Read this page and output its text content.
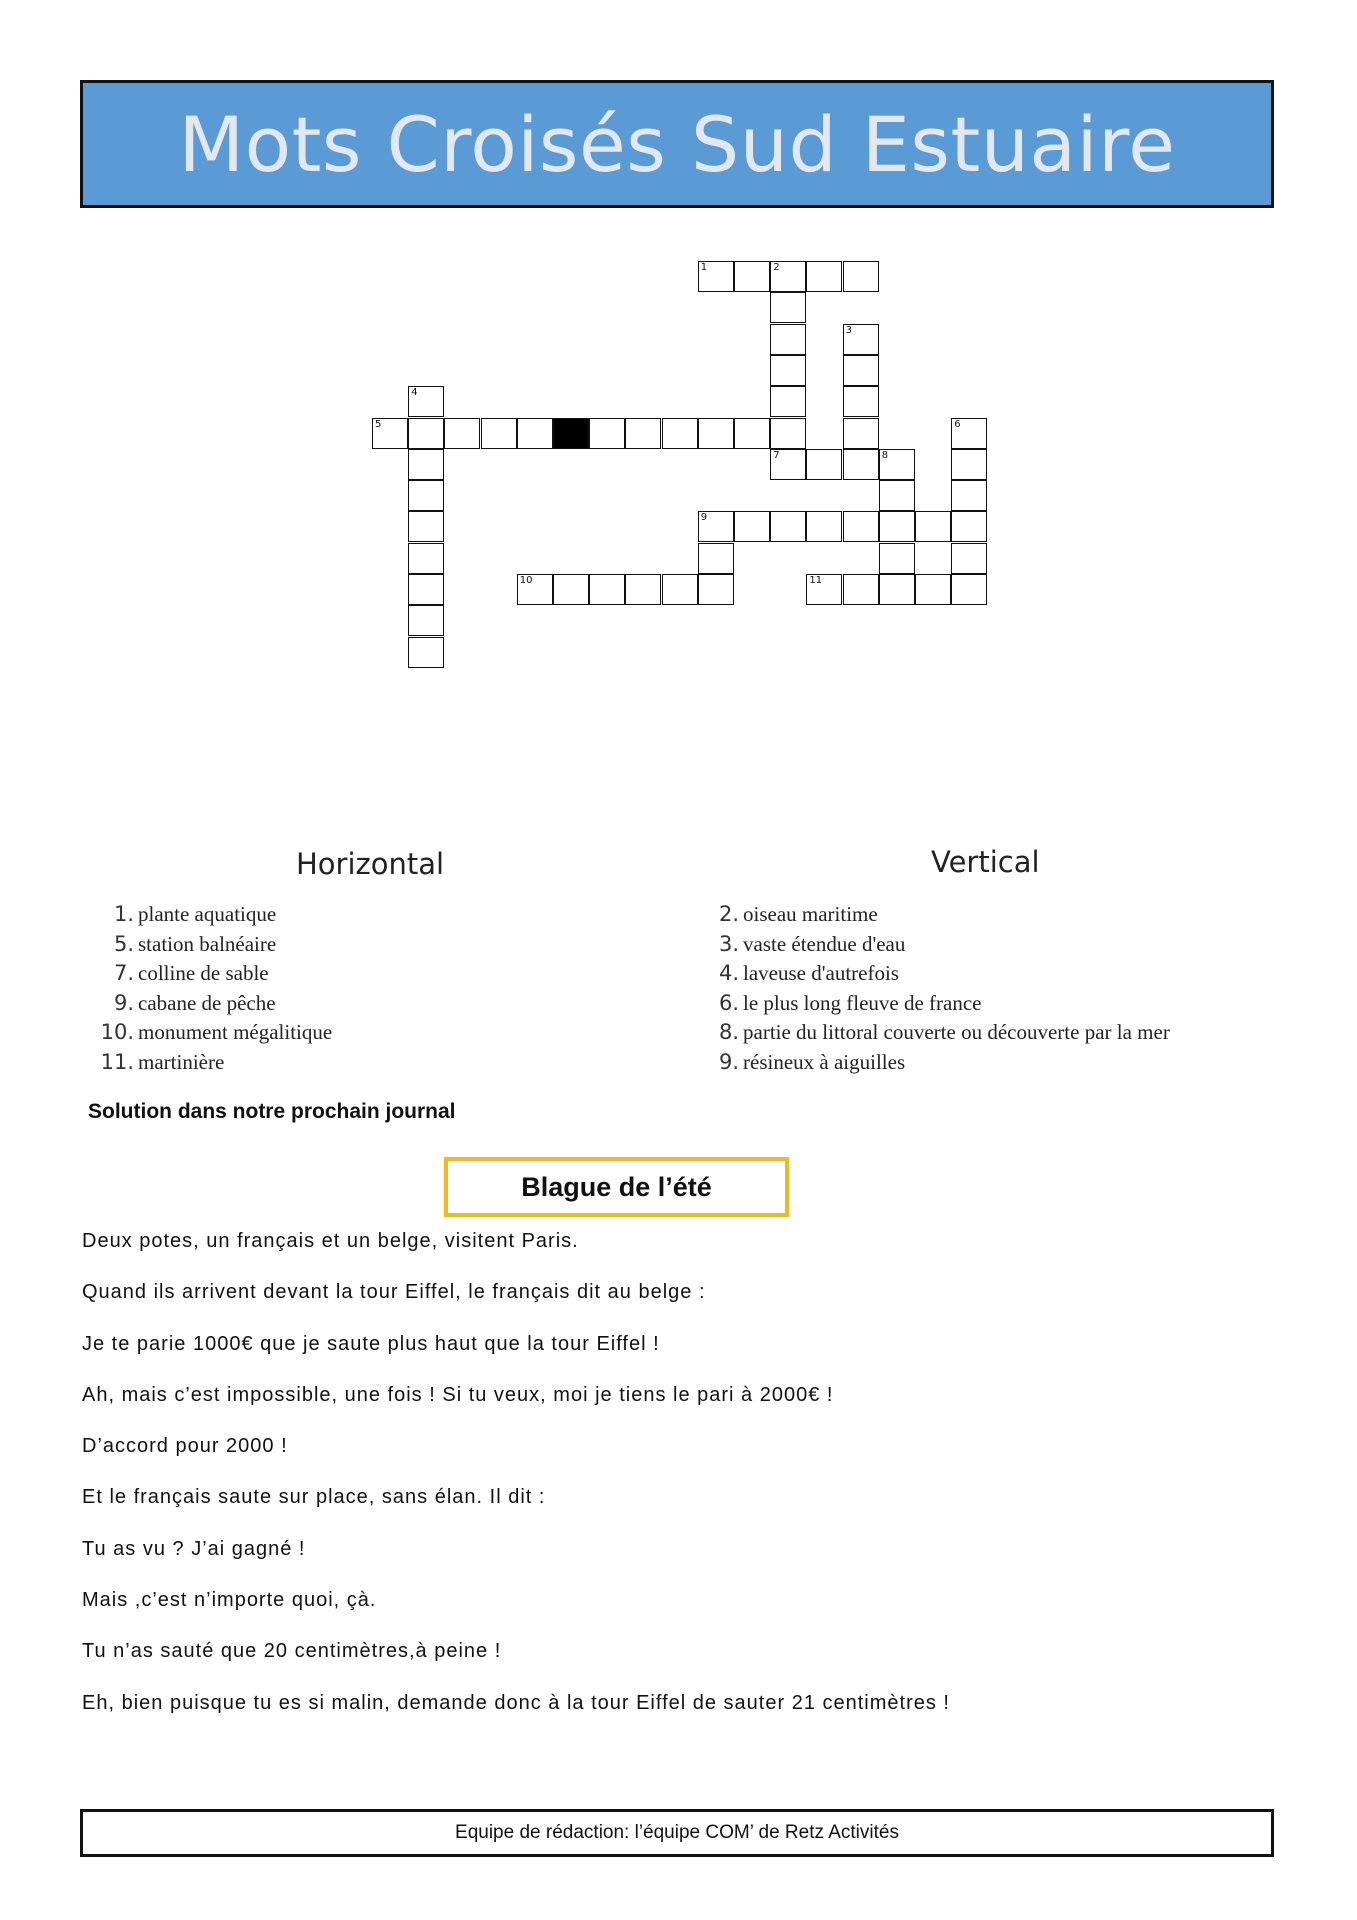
Mots Croisés Sud Estuaire
1	2
3
4
5	6
7	8
9
10	11
Horizontal	Vertical
1. plante aquatique
5. station balnéaire
7. colline de sable
9. cabane de pêche
10. monument mégalitique
11. martinière
2. oiseau maritime
3. vaste étendue d'eau
4. laveuse d'autrefois
6. le plus long fleuve de france
8. partie du littoral couverte ou découverte par la mer
9. résineux à aiguilles
Solution dans notre prochain journal
Blague de l’été
Deux potes, un français et un belge, visitent Paris.
Quand ils arrivent devant la tour Eiffel, le français dit au belge :
Je te parie 1000€ que je saute plus haut que la tour Eiffel !
Ah, mais c’est impossible, une fois ! Si tu veux, moi je tiens le pari à 2000€ !
D’accord pour 2000 !
Et le français saute sur place, sans élan. Il dit :
Tu as vu ? J’ai gagné !
Mais ,c’est n’importe quoi, çà.
Tu n’as sauté que 20 centimètres,à peine !
Eh, bien puisque tu es si malin, demande donc à la tour Eiffel de sauter 21 centimètres !
Equipe de rédaction: l’équipe COM’ de Retz Activités
